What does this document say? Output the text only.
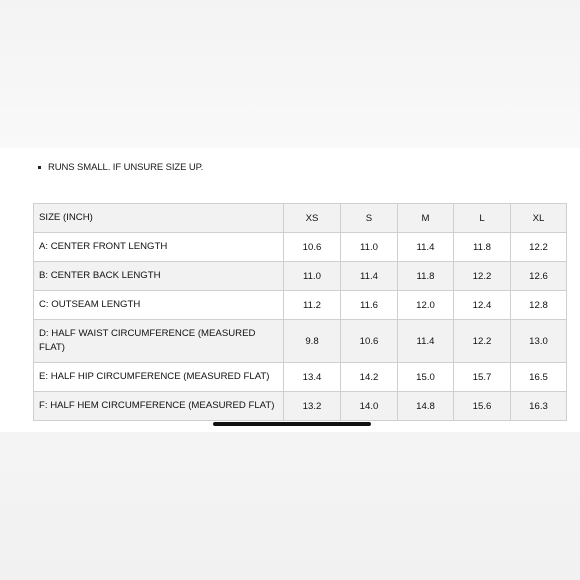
RUNS SMALL. IF UNSURE SIZE UP.
SIZE (INCH)	XS	S	M	L	XL
A: CENTER FRONT LENGTH	10.6	11.0	11.4	11.8	12.2
B: CENTER BACK LENGTH	11.0	11.4	11.8	12.2	12.6
C: OUTSEAM LENGTH	11.2	11.6	12.0	12.4	12.8
D: HALF WAIST CIRCUMFERENCE (MEASURED FLAT)	9.8	10.6	11.4	12.2	13.0
E: HALF HIP CIRCUMFERENCE (MEASURED FLAT)	13.4	14.2	15.0	15.7	16.5
F: HALF HEM CIRCUMFERENCE (MEASURED FLAT)	13.2	14.0	14.8	15.6	16.3
